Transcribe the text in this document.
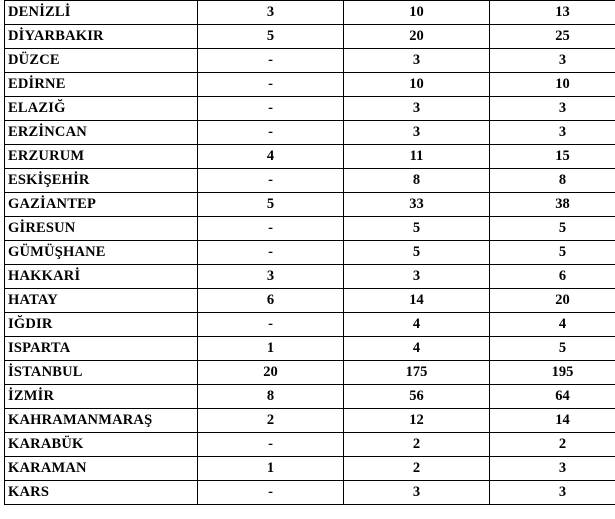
DENİZLİ	3	10	13
DİYARBAKIR	5	20	25
DÜZCE	-	3	3
EDİRNE	-	10	10
ELAZIĞ	-	3	3
ERZİNCAN	-	3	3
ERZURUM	4	11	15
ESKİŞEHİR	-	8	8
GAZİANTEP	5	33	38
GİRESUN	-	5	5
GÜMÜŞHANE	-	5	5
HAKKARİ	3	3	6
HATAY	6	14	20
IĞDIR	-	4	4
ISPARTA	1	4	5
İSTANBUL	20	175	195
İZMİR	8	56	64
KAHRAMANMARAŞ	2	12	14
KARABÜK	-	2	2
KARAMAN	1	2	3
KARS	-	3	3
